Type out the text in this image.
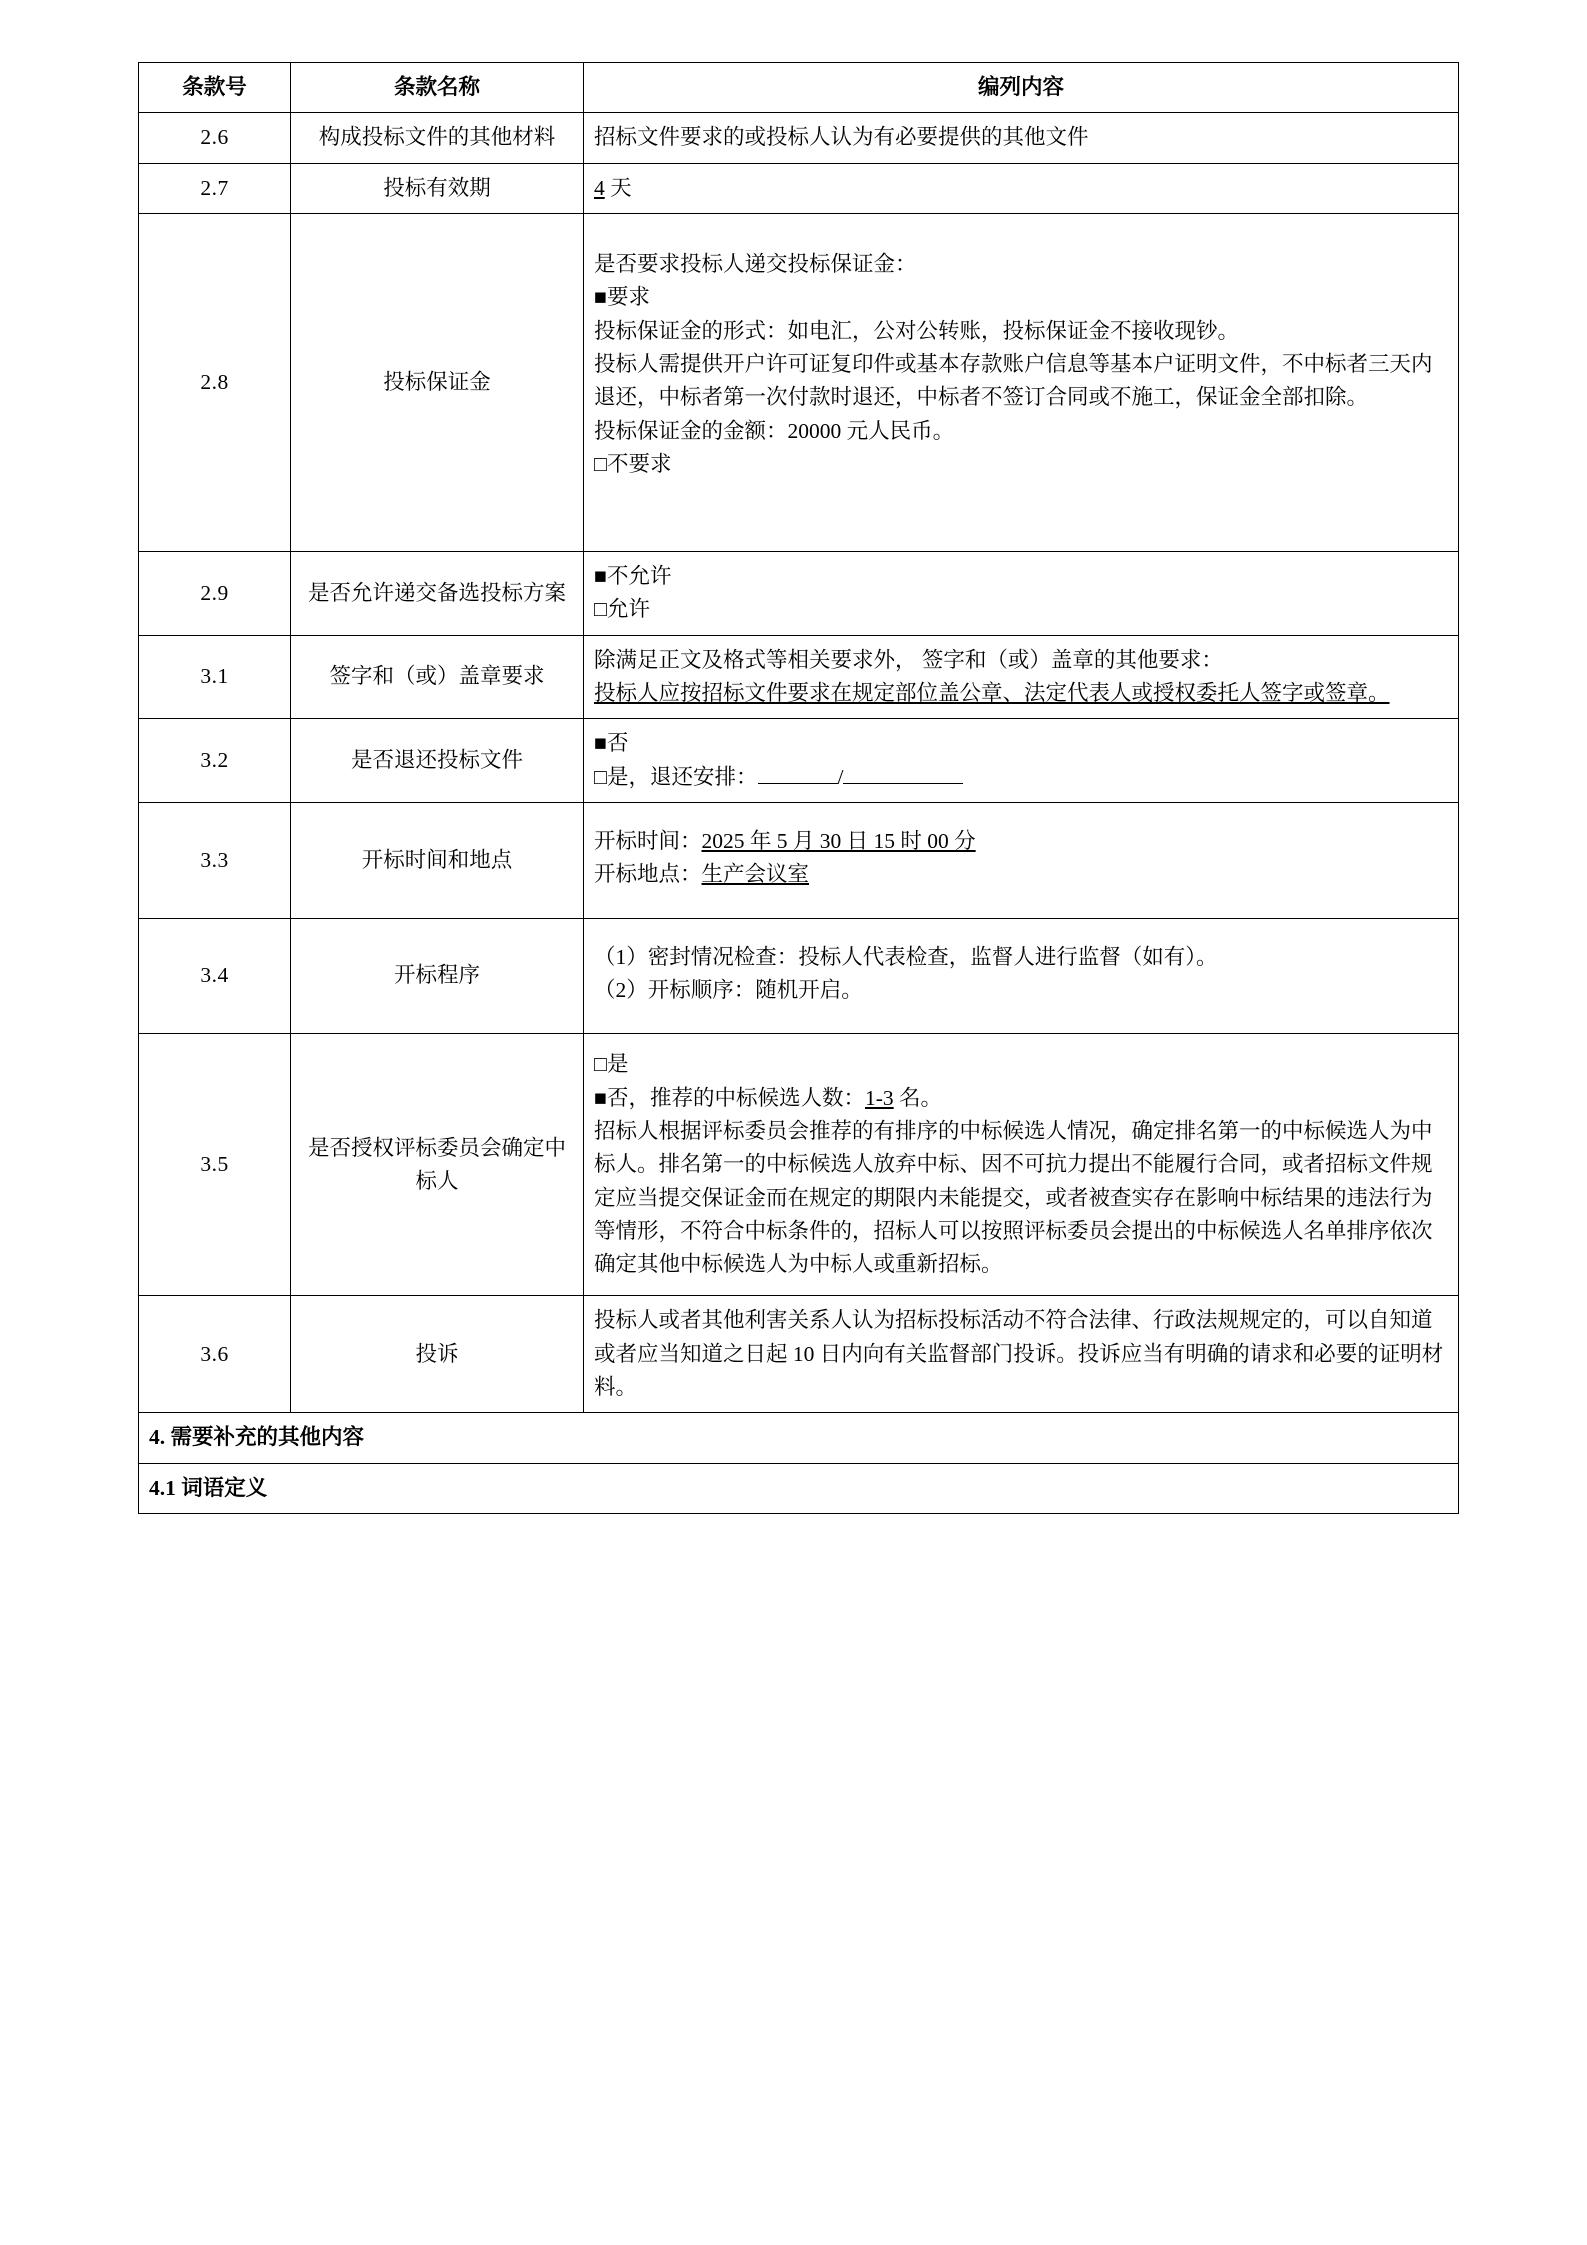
条款号	条款名称	编列内容
2.6	构成投标文件的其他材料	招标文件要求的或投标人认为有必要提供的其他文件

2.7	投标有效期	4 天

2.8	投标保证金	

是否要求投标人递交投标保证金：

■要求

投标保证金的形式：如电汇，公对公转账，投标保证金不接收现钞。

投标人需提供开户许可证复印件或基本存款账户信息等基本户证明文件，不中标者三天内退还，中标者第一次付款时退还，中标者不签订合同或不施工，保证金全部扣除。

投标保证金的金额：20000 元人民币。

□不要求

2.9	是否允许递交备选投标方案	■不允许

□允许

3.1	签字和（或）盖章要求	除满足正文及格式等相关要求外， 签字和（或）盖章的其他要求：

投标人应按招标文件要求在规定部位盖公章、法定代表人或授权委托人签字或签章。

3.2	是否退还投标文件	■否

□是，退还安排： /

3.3	开标时间和地点	开标时间：2025 年 5 月 30 日 15 时 00 分

开标地点：生产会议室

3.4	开标程序	（1）密封情况检查：投标人代表检查，监督人进行监督（如有）。

（2）开标顺序：随机开启。

3.5	是否授权评标委员会确定中标人	□是

■否，推荐的中标候选人数：1-3 名。

招标人根据评标委员会推荐的有排序的中标候选人情况，确定排名第一的中标候选人为中标人。排名第一的中标候选人放弃中标、因不可抗力提出不能履行合同，或者招标文件规定应当提交保证金而在规定的期限内未能提交，或者被查实存在影响中标结果的违法行为等情形，不符合中标条件的，招标人可以按照评标委员会提出的中标候选人名单排序依次确定其他中标候选人为中标人或重新招标。

3.6	投诉	投标人或者其他利害关系人认为招标投标活动不符合法律、行政法规规定的，可以自知道或者应当知道之日起 10 日内向有关监督部门投诉。投诉应当有明确的请求和必要的证明材料。

4. 需要补充的其他内容		
4.1 词语定义		
